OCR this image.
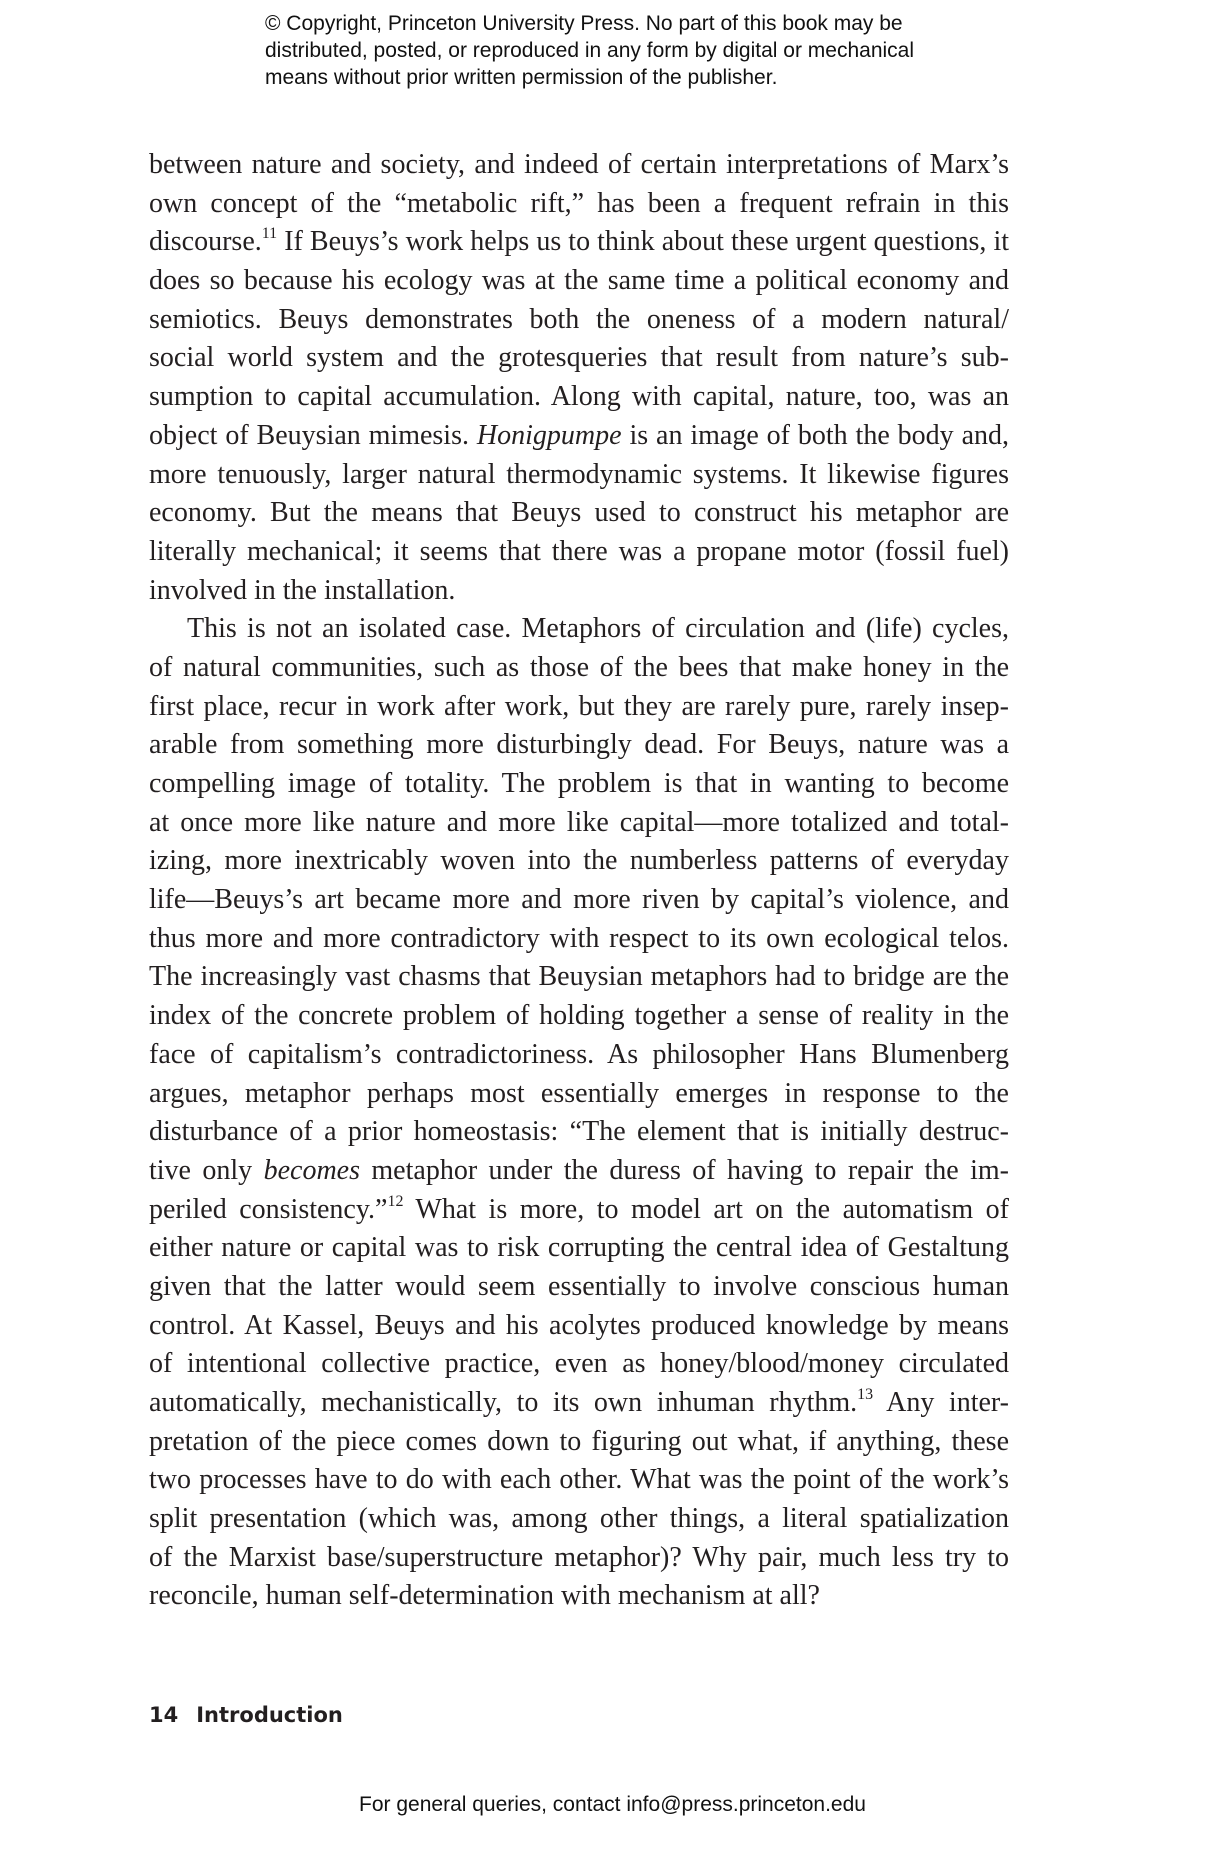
© Copyright, Princeton University Press. No part of this book may be
distributed, posted, or reproduced in any form by digital or mechanical
means without prior written permission of the publisher.
between nature and society, and indeed of certain interpretations of Marx’s
own concept of the “metabolic rift,” has been a frequent refrain in this
discourse.$^{11}$ If Beuys’s work helps us to think about these urgent questions, it
does so because his ecology was at the same time a political economy and
semiotics. Beuys demonstrates both the oneness of a modern natural/
social world system and the grotesqueries that result from nature’s sub-
sumption to capital accumulation. Along with capital, nature, too, was an
object of Beuysian mimesis. Honigpumpe is an image of both the body and,
more tenuously, larger natural thermodynamic systems. It likewise figures
economy. But the means that Beuys used to construct his metaphor are
literally mechanical; it seems that there was a propane motor (fossil fuel)
involved in the installation.
This is not an isolated case. Metaphors of circulation and (life) cycles,
of natural communities, such as those of the bees that make honey in the
first place, recur in work after work, but they are rarely pure, rarely insep-
arable from something more disturbingly dead. For Beuys, nature was a
compelling image of totality. The problem is that in wanting to become
at once more like nature and more like capital—more totalized and total-
izing, more inextricably woven into the numberless patterns of everyday
life—Beuys’s art became more and more riven by capital’s violence, and
thus more and more contradictory with respect to its own ecological telos.
The increasingly vast chasms that Beuysian metaphors had to bridge are the
index of the concrete problem of holding together a sense of reality in the
face of capitalism’s contradictoriness. As philosopher Hans Blumenberg
argues, metaphor perhaps most essentially emerges in response to the
disturbance of a prior homeostasis: “The element that is initially destruc-
tive only becomes metaphor under the duress of having to repair the im-
periled consistency.”$^{12}$ What is more, to model art on the automatism of
either nature or capital was to risk corrupting the central idea of Gestaltung
given that the latter would seem essentially to involve conscious human
control. At Kassel, Beuys and his acolytes produced knowledge by means
of intentional collective practice, even as honey/blood/money circulated
automatically, mechanistically, to its own inhuman rhythm.$^{13}$ Any inter-
pretation of the piece comes down to figuring out what, if anything, these
two processes have to do with each other. What was the point of the work’s
split presentation (which was, among other things, a literal spatialization
of the Marxist base/superstructure metaphor)? Why pair, much less try to
reconcile, human self-determination with mechanism at all?
14 Introduction
For general queries, contact info@press.princeton.edu
